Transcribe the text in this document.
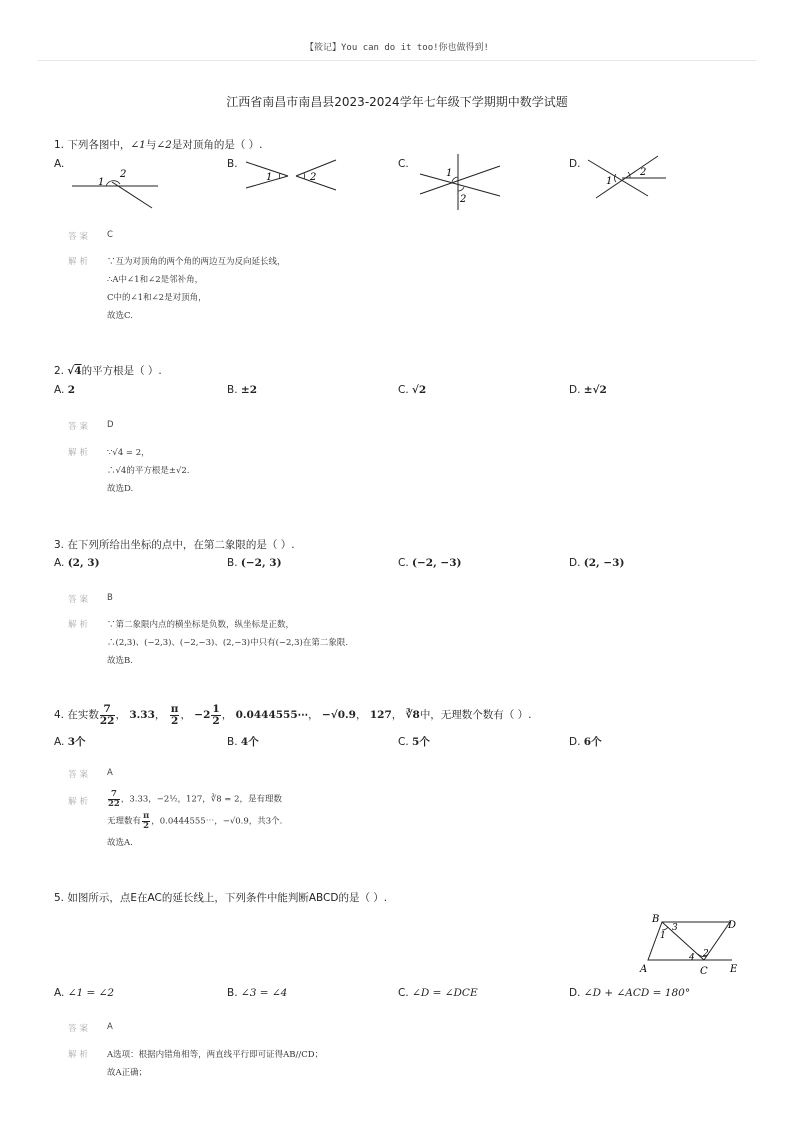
【筱记】You can do it too!你也做得到!
江西省南昌市南昌县2023-2024学年七年级下学期期中数学试题
1. 下列各图中，∠1与∠2是对顶角的是（ ）.
A.	B.	C.	D.
1
2	1	2	1
2
1
2
答案 C
解析 ∵互为对顶角的两个角的两边互为反向延长线，
∴A中∠1和∠2是邻补角，
C中的∠1和∠2是对顶角，
故选C.
2. √4的平方根是（ ）.
A. 2	B. ±2	C. √2	D. ±√2
答案 D
解析 ∵√4 = 2，
∴√4的平方根是±√2.
故选D.
3. 在下列所给出坐标的点中，在第二象限的是（ ）.
A. (2, 3)	B. (−2, 3)	C. (−2, −3)	D. (2, −3)
答案 B
解析 ∵第二象限内点的横坐标是负数，纵坐标是正数，
∴(2,3)、(−2,3)、(−2,−3)、(2,−3)中只有(−2,3)在第二象限.
故选B.
4. 在实数 $\frac{7}{22}$ ， 3.33， $\frac{\pi}{2}$ ， $-2 \frac{1}{2}$ ， 0.0444555⋯， −√0.9， 127， ∛8中，无理数个数有（ ）.
A. 3个	B. 4个	C. 5个	D. 6个
答案 A
解析 $\frac{7}{22}$ ，3.33，−2½，127，∛8 = 2，是有理数
无理数有 $\frac{\pi}{2}$ ，0.0444555⋯，−√0.9，共3个.
故选A.
5. 如图所示，点E在AC的延长线上，下列条件中能判断ABCD的是（ ）.
B
D
A	C E
1
2
3
4
A. ∠1 = ∠2	B. ∠3 = ∠4	C. ∠D = ∠DCE	D. ∠D + ∠ACD = 180°
答案 A
解析 A选项：根据内错角相等，两直线平行即可证得AB//CD；
故A正确；
